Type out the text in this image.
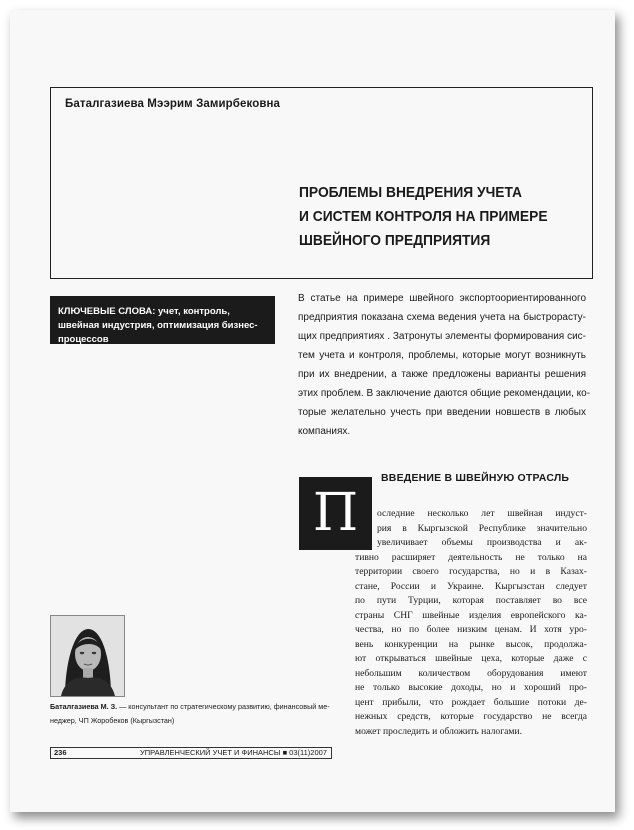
Баталгазиева Мээрим Замирбековна
ПРОБЛЕМЫ ВНЕДРЕНИЯ УЧЕТА
И СИСТЕМ КОНТРОЛЯ НА ПРИМЕРЕ
ШВЕЙНОГО ПРЕДПРИЯТИЯ
КЛЮЧЕВЫЕ СЛОВА: учет, контроль, швейная индустрия, оптимизация бизнес-процессов
В статье на примере швейного экспортоориентированного
предприятия показана схема ведения учета на быстрорасту-
щих предприятиях . Затронуты элементы формирования сис-
тем учета и контроля, проблемы, которые могут возникнуть
при их внедрении, а также предложены варианты решения
этих проблем. В заключение даются общие рекомендации, ко-
торые желательно учесть при введении новшеств в любых
компаниях.
П
ВВЕДЕНИЕ В ШВЕЙНУЮ ОТРАСЛЬ
оследние несколько лет швейная индуст-
рия в Кыргызской Республике значительно
увеличивает объемы производства и ак-
тивно расширяет деятельность не только на
территории своего государства, но и в Казах-
стане, России и Украине. Кыргызстан следует
по пути Турции, которая поставляет во все
страны СНГ швейные изделия европейского ка-
чества, но по более низким ценам. И хотя уро-
вень конкуренции на рынке высок, продолжа-
ют открываться швейные цеха, которые даже с
небольшим количеством оборудования имеют
не только высокие доходы, но и хороший про-
цент прибыли, что рождает большие потоки де-
нежных средств, которые государство не всегда
может проследить и обложить налогами.
Баталгазиева М. З. — консультант по стратегическому развитию, финансовый ме-неджер, ЧП Жоробеков (Кыргызстан)
236	УПРАВЛЕНЧЕСКИЙ УЧЕТ И ФИНАНСЫ ■ 03(11)2007
